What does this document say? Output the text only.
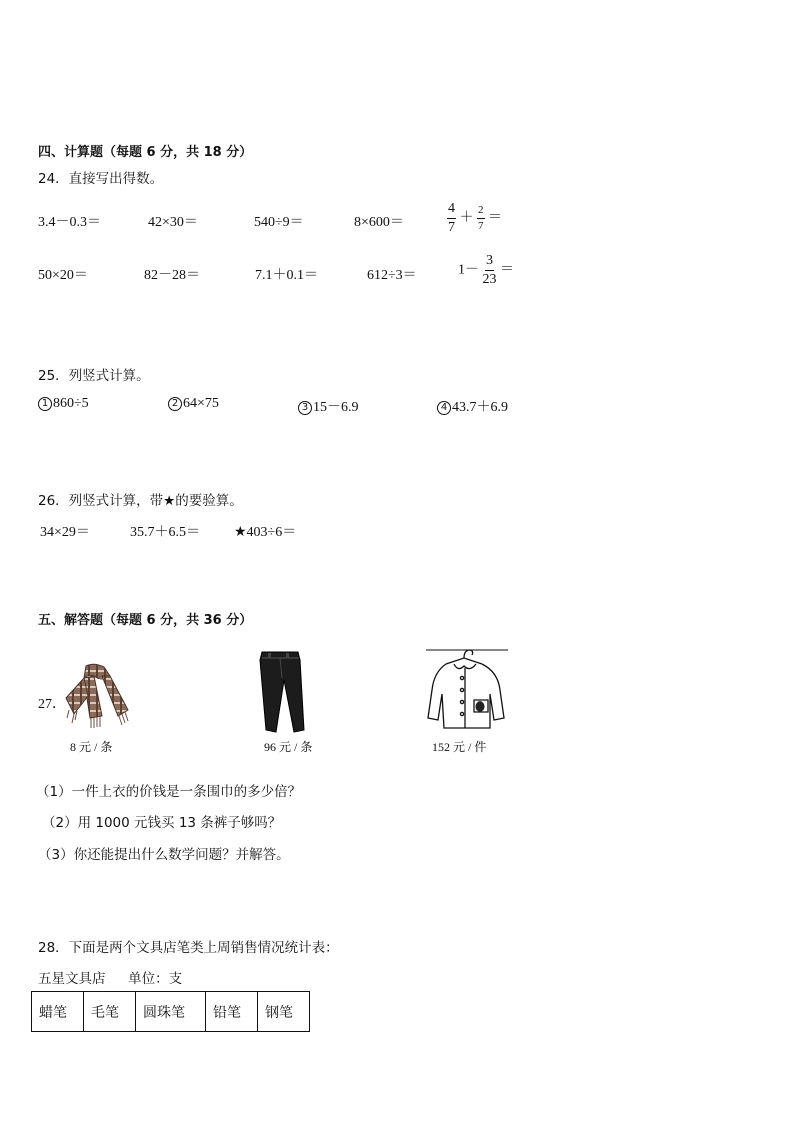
四、计算题（每题 6 分，共 18 分）
24．直接写出得数。
3.4－0.3＝	42×30＝	540÷9＝	8×600＝	$\frac{4}{7} + \frac{2}{7}$ ＝
50×20＝	82－28＝	7.1＋0.1＝	612÷3＝	$1- \frac{3}{23}$ ＝
25．列竖式计算。
1 860÷5	2 64×75	3 15－6.9	4 43.7＋6.9
26．列竖式计算，带★的要验算。
34×29＝	35.7＋6.5＝ ★403÷6＝
五、解答题（每题 6 分，共 36 分）
27．
8 元 / 条	96 元 / 条	152 元 / 件
（1）一件上衣的价钱是一条围巾的多少倍？
（2）用 1000 元钱买 13 条裤子够吗？
（3）你还能提出什么数学问题？并解答。
28．下面是两个文具店笔类上周销售情况统计表：
五星文具店 单位：支
蜡笔	毛笔	圆珠笔	铅笔	钢笔
